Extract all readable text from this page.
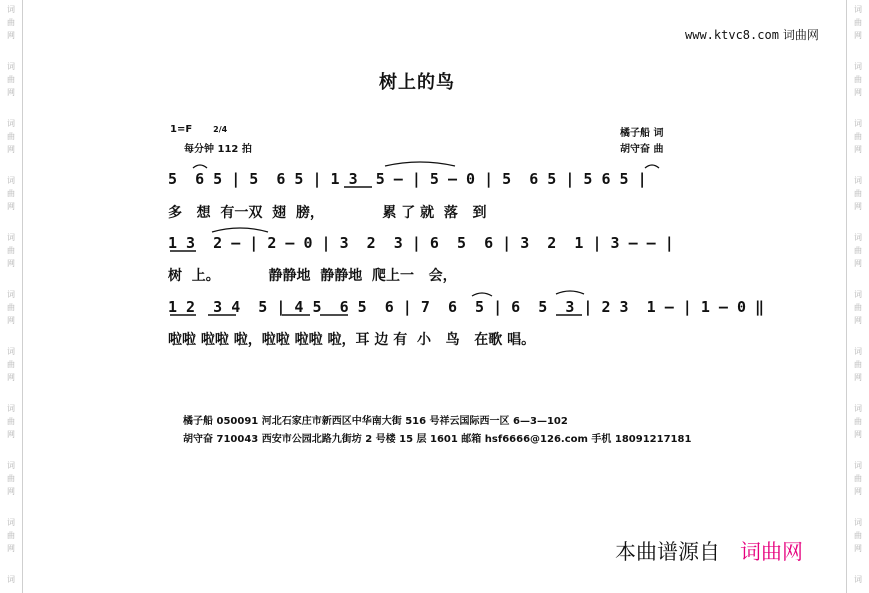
词
曲
网
词
曲
网
词
曲
网
词
曲
网
词
曲
网
词
曲
网
词
曲
网
词
曲
网
词
曲
网
词
曲
网
词
词
曲
网
词
曲
网
词
曲
网
词
曲
网
词
曲
网
词
曲
网
词
曲
网
词
曲
网
词
曲
网
词
曲
网
词
www.ktvc8.com 词曲网
树上的鸟
1=F	2/4
每分钟 112 拍
橘子船 词
胡守奋 曲
5  6 5 | 5  6 5 | 1 3  5 — | 5 — 0 | 5  6 5 | 5 6 5 |
多   想  有一双  翅  膀，            累 了 就  落   到
1 3  2 — | 2 — 0 | 3  2  3 | 6  5  6 | 3  2  1 | 3 — — |
树  上。          静静地  静静地  爬上一   会，
1 2  3 4  5 | 4 5  6 5  6 | 7  6  5 | 6  5  3 | 2 3  1 — | 1 — 0 ‖
啦啦 啦啦 啦，啦啦 啦啦 啦，耳 边 有  小   鸟   在歌 唱。
橘子船 050091 河北石家庄市新西区中华南大街 516 号祥云国际西一区 6—3—102
胡守奋 710043 西安市公园北路九街坊 2 号楼 15 层 1601 邮箱 hsf6666@126.com 手机 18091217181
本曲谱源自 词曲网
